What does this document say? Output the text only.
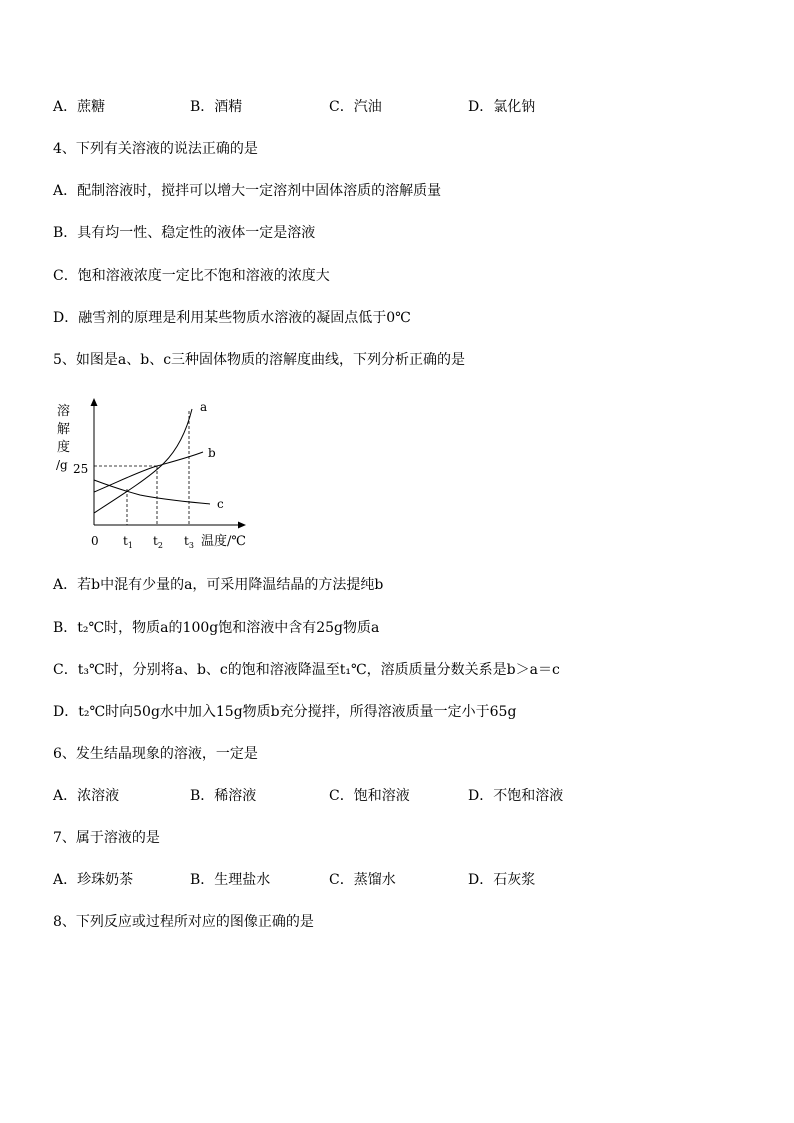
A．蔗糖	B．酒精	C．汽油	D．氯化钠
4、下列有关溶液的说法正确的是
A．配制溶液时，搅拌可以增大一定溶剂中固体溶质的溶解质量
B．具有均一性、稳定性的液体一定是溶液
C．饱和溶液浓度一定比不饱和溶液的浓度大
D．融雪剂的原理是利用某些物质水溶液的凝固点低于0℃
5、如图是a、b、c三种固体物质的溶解度曲线，下列分析正确的是
溶
解
度
/g 25
0 $t_1$ $t_2$ $t_3$ 温度/℃
a
b
c
A．若b中混有少量的a，可采用降温结晶的方法提纯b
B．t₂℃时，物质a的100g饱和溶液中含有25g物质a
C．t₃℃时，分别将a、b、c的饱和溶液降温至t₁℃，溶质质量分数关系是b＞a＝c
D．t₂℃时向50g水中加入15g物质b充分搅拌，所得溶液质量一定小于65g
6、发生结晶现象的溶液，一定是
A．浓溶液	B．稀溶液	C．饱和溶液	D．不饱和溶液
7、属于溶液的是
A．珍珠奶茶	B．生理盐水	C．蒸馏水	D．石灰浆
8、下列反应或过程所对应的图像正确的是
